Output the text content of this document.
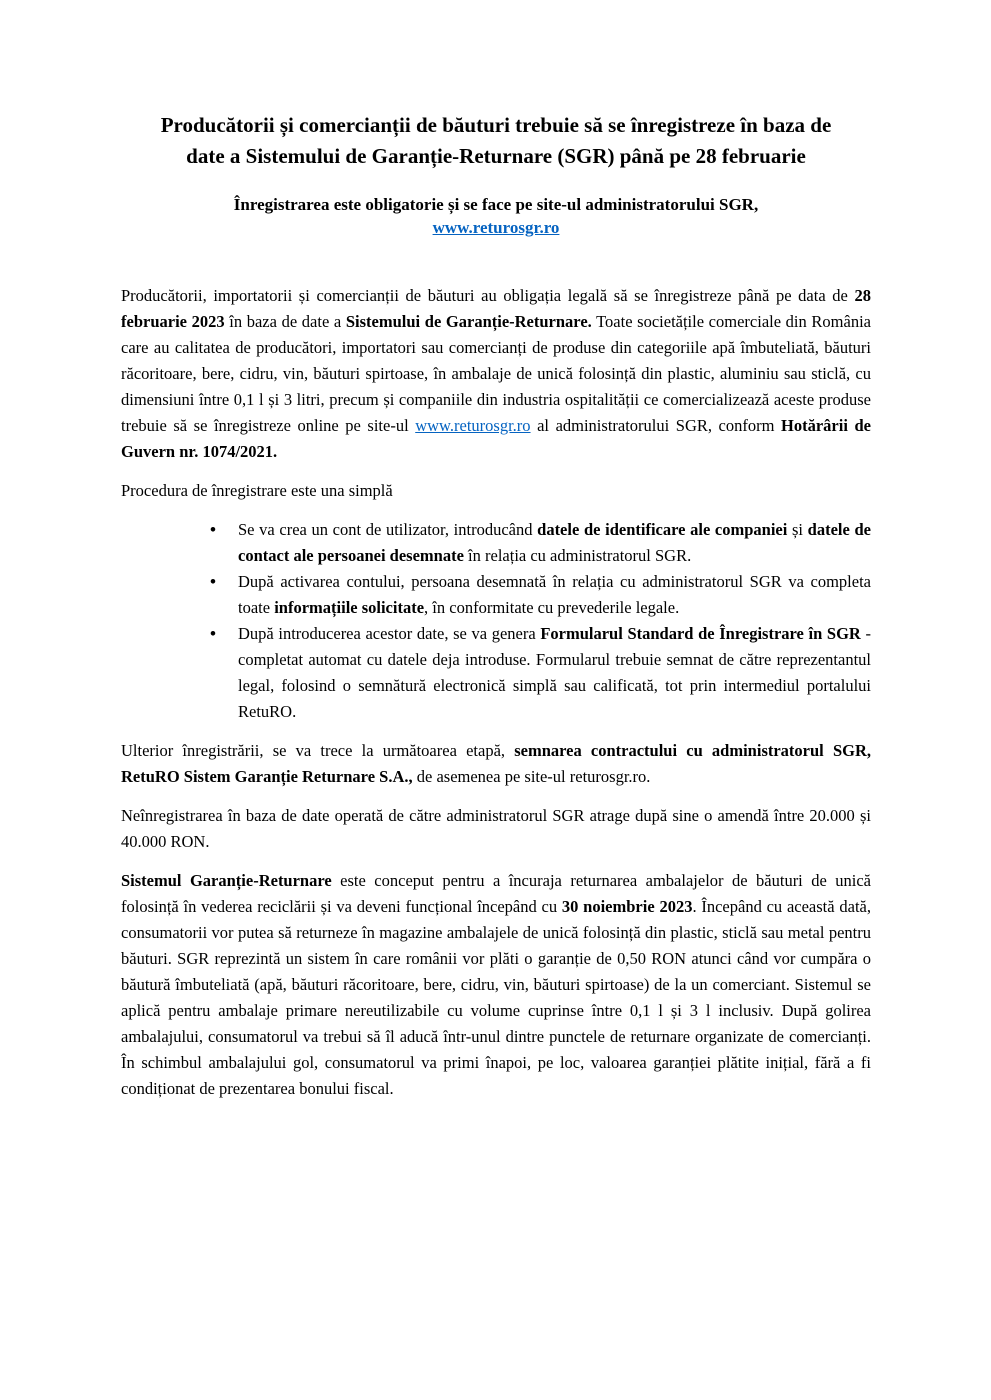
Producătorii și comercianții de băuturi trebuie să se înregistreze în baza de
date a Sistemului de Garanție-Returnare (SGR) până pe 28 februarie
Înregistrarea este obligatorie și se face pe site-ul administratorului SGR,
www.returosgr.ro

Producătorii, importatorii și comercianții de băuturi au obligația legală să se înregistreze până pe data de 28 februarie 2023 în baza de date a Sistemului de Garanție-Returnare. Toate societățile comerciale din România care au calitatea de producători, importatori sau comercianți de produse din categoriile apă îmbuteliată, băuturi răcoritoare, bere, cidru, vin, băuturi spirtoase, în ambalaje de unică folosință din plastic, aluminiu sau sticlă, cu dimensiuni între 0,1 l și 3 litri, precum și companiile din industria ospitalității ce comercializează aceste produse trebuie să se înregistreze online pe site-ul www.returosgr.ro al administratorului SGR, conform Hotărârii de Guvern nr. 1074/2021.

Procedura de înregistrare este una simplă

• Se va crea un cont de utilizator, introducând datele de identificare ale companiei și datele de contact ale persoanei desemnate în relația cu administratorul SGR.
• După activarea contului, persoana desemnată în relația cu administratorul SGR va completa toate informațiile solicitate, în conformitate cu prevederile legale.
• După introducerea acestor date, se va genera Formularul Standard de Înregistrare în SGR - completat automat cu datele deja introduse. Formularul trebuie semnat de către reprezentantul legal, folosind o semnătură electronică simplă sau calificată, tot prin intermediul portalului RetuRO.

Ulterior înregistrării, se va trece la următoarea etapă, semnarea contractului cu administratorul SGR, RetuRO Sistem Garanție Returnare S.A., de asemenea pe site-ul returosgr.ro.

Neînregistrarea în baza de date operată de către administratorul SGR atrage după sine o amendă între 20.000 și 40.000 RON.

Sistemul Garanție-Returnare este conceput pentru a încuraja returnarea ambalajelor de băuturi de unică folosință în vederea reciclării și va deveni funcțional începând cu 30 noiembrie 2023. Începând cu această dată, consumatorii vor putea să returneze în magazine ambalajele de unică folosință din plastic, sticlă sau metal pentru băuturi. SGR reprezintă un sistem în care românii vor plăti o garanție de 0,50 RON atunci când vor cumpăra o băutură îmbuteliată (apă, băuturi răcoritoare, bere, cidru, vin, băuturi spirtoase) de la un comerciant. Sistemul se aplică pentru ambalaje primare nereutilizabile cu volume cuprinse între 0,1 l și 3 l inclusiv. După golirea ambalajului, consumatorul va trebui să îl aducă într-unul dintre punctele de returnare organizate de comercianți. În schimbul ambalajului gol, consumatorul va primi înapoi, pe loc, valoarea garanției plătite inițial, fără a fi condiționat de prezentarea bonului fiscal.
